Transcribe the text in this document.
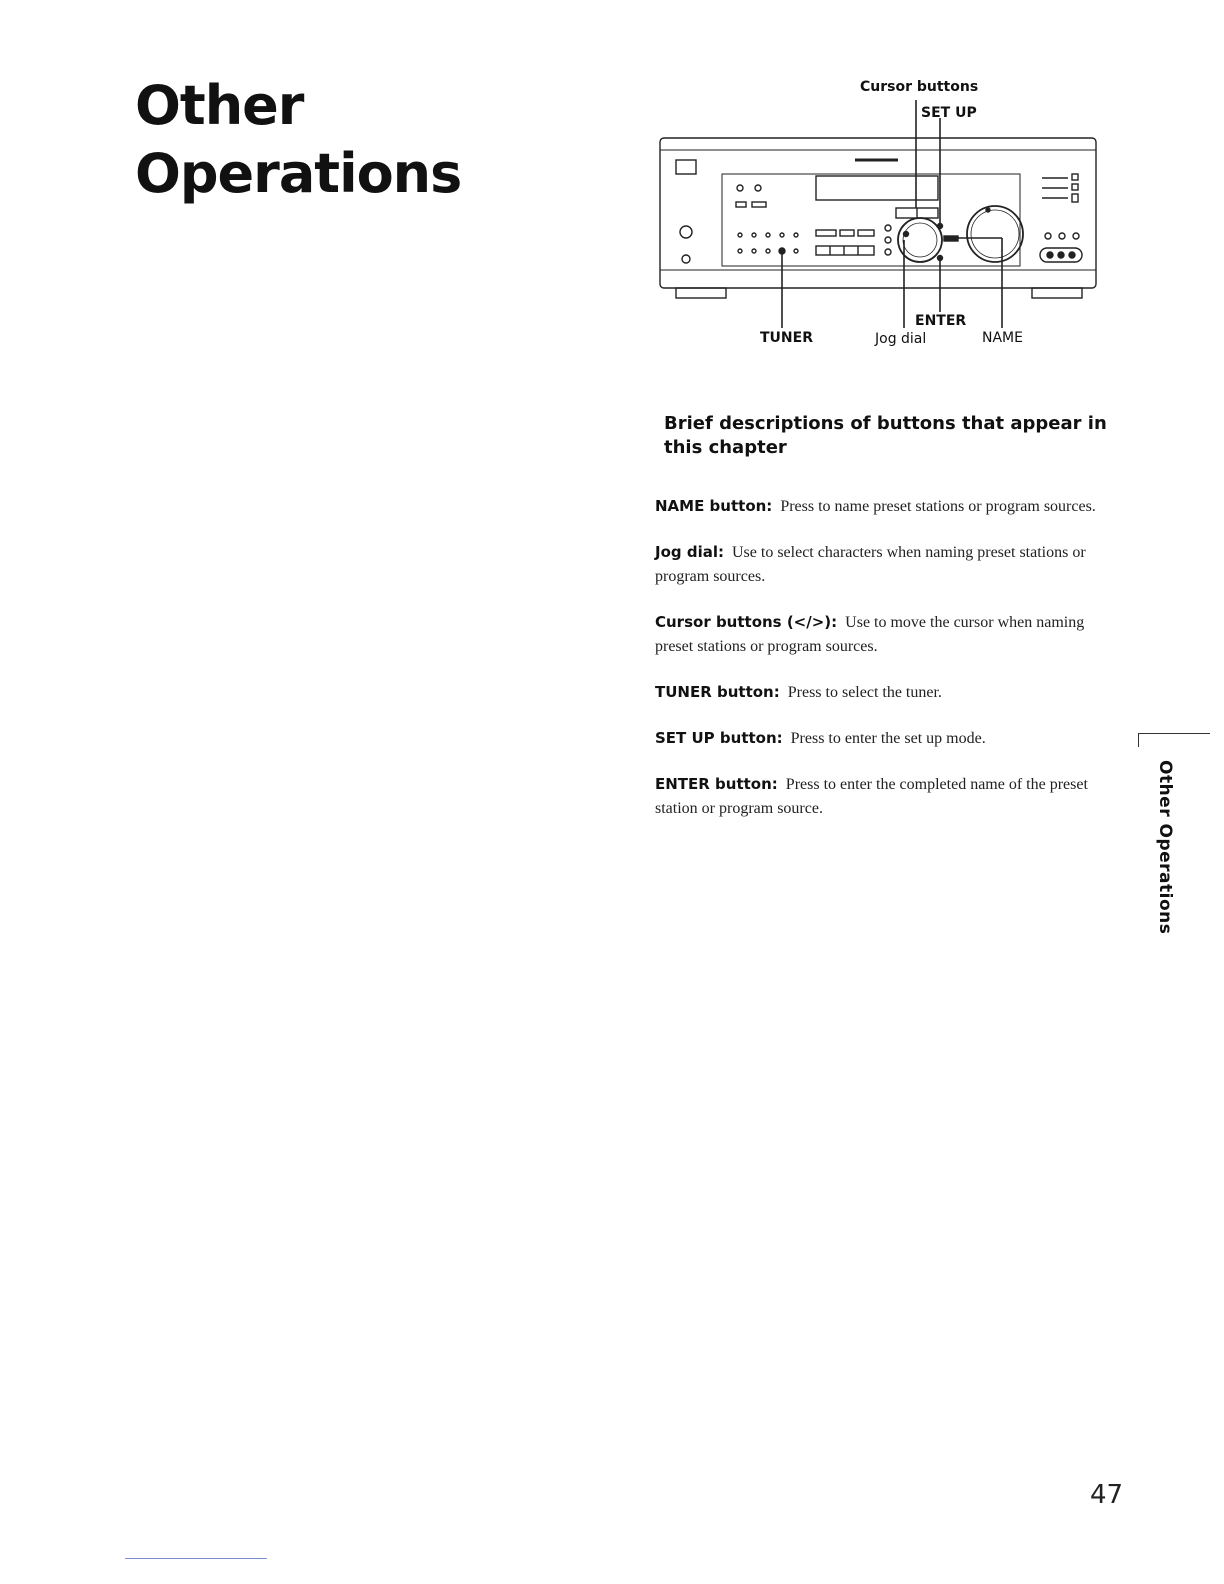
Other
Operations
Cursor buttons
SET UP
ENTER
TUNER	Jog dial	NAME
Brief descriptions of buttons that appear in this chapter

NAME button: Press to name preset stations or program sources.

Jog dial: Use to select characters when naming preset stations or program sources.

Cursor buttons (</>): Use to move the cursor when naming preset stations or program sources.

TUNER button: Press to select the tuner.

SET UP button: Press to enter the set up mode.

ENTER button: Press to enter the completed name of the preset station or program source.	Other Operations
47
